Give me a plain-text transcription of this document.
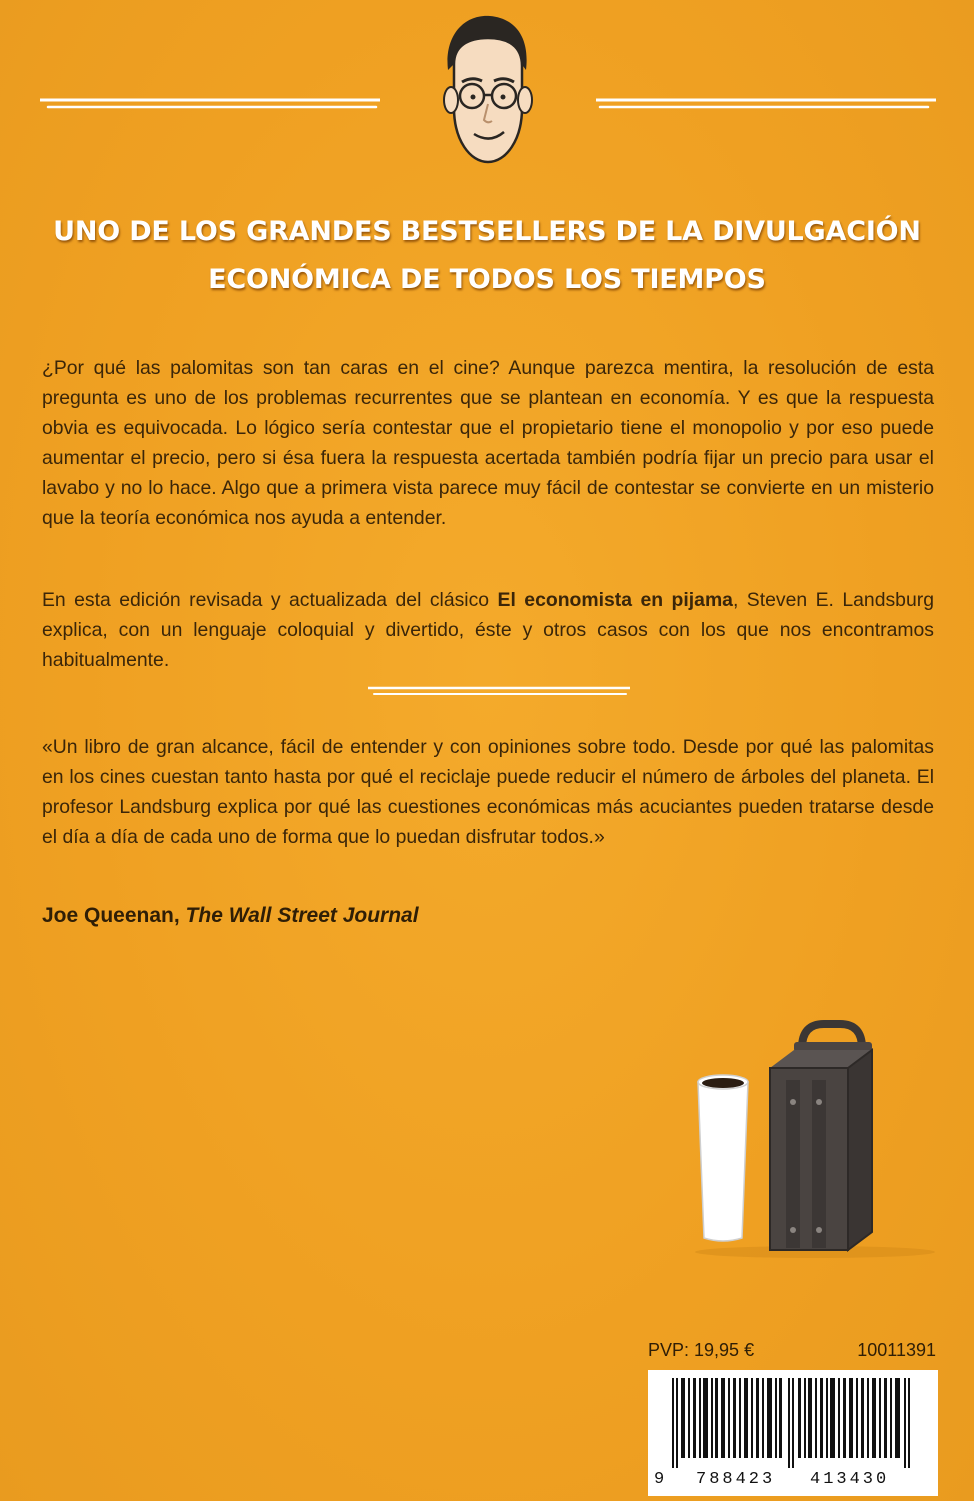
UNO DE LOS GRANDES BESTSELLERS DE LA DIVULGACIÓN
ECONÓMICA DE TODOS LOS TIEMPOS
¿Por qué las palomitas son tan caras en el cine? Aunque parezca mentira, la resolución de esta pregunta es uno de los problemas recurrentes que se plantean en economía. Y es que la respuesta obvia es equivocada. Lo lógico sería contestar que el propietario tiene el monopolio y por eso puede aumentar el precio, pero si ésa fuera la respuesta acertada también podría fijar un precio para usar el lavabo y no lo hace. Algo que a primera vista parece muy fácil de contestar se convierte en un misterio que la teoría económica nos ayuda a entender.
En esta edición revisada y actualizada del clásico El economista en pijama, Steven E. Landsburg explica, con un lenguaje coloquial y divertido, éste y otros casos con los que nos encontramos habitualmente.
«Un libro de gran alcance, fácil de entender y con opiniones sobre todo. Desde por qué las palomitas en los cines cuestan tanto hasta por qué el reciclaje puede reducir el número de árboles del planeta. El profesor Landsburg explica por qué las cuestiones económicas más acuciantes pueden tratarse desde el día a día de cada uno de forma que lo puedan disfrutar todos.»
Joe Queenan, The Wall Street Journal
PVP: 19,95 €	10011391
9 788423 413430
